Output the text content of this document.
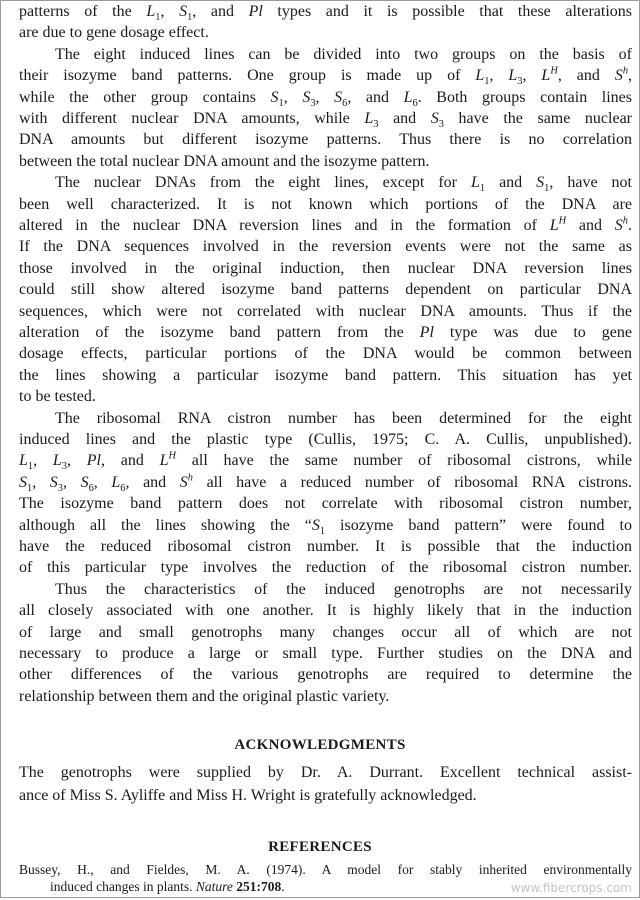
patterns of the $L_1$, $S_1$, and Pl types and it is possible that these alterations
are due to gene dosage effect.
The eight induced lines can be divided into two groups on the basis of
their isozyme band patterns. One group is made up of $L_1$, $L_3$, $L^H$, and $S^h$,
while the other group contains $S_1$, $S_3$, $S_6$, and $L_6$. Both groups contain lines
with different nuclear DNA amounts, while $L_3$ and $S_3$ have the same nuclear
DNA amounts but different isozyme patterns. Thus there is no correlation
between the total nuclear DNA amount and the isozyme pattern.
The nuclear DNAs from the eight lines, except for $L_1$ and $S_1$, have not
been well characterized. It is not known which portions of the DNA are
altered in the nuclear DNA reversion lines and in the formation of $L^H$ and $S^h$.
If the DNA sequences involved in the reversion events were not the same as
those involved in the original induction, then nuclear DNA reversion lines
could still show altered isozyme band patterns dependent on particular DNA
sequences, which were not correlated with nuclear DNA amounts. Thus if the
alteration of the isozyme band pattern from the Pl type was due to gene
dosage effects, particular portions of the DNA would be common between
the lines showing a particular isozyme band pattern. This situation has yet
to be tested.
The ribosomal RNA cistron number has been determined for the eight
induced lines and the plastic type (Cullis, 1975; C. A. Cullis, unpublished).
$L_1$, $L_3$, Pl, and $L^H$ all have the same number of ribosomal cistrons, while
$S_1$, $S_3$, $S_6$, $L_6$, and $S^h$ all have a reduced number of ribosomal RNA cistrons.
The isozyme band pattern does not correlate with ribosomal cistron number,
although all the lines showing the “$S_1$ isozyme band pattern” were found to
have the reduced ribosomal cistron number. It is possible that the induction
of this particular type involves the reduction of the ribosomal cistron number.
Thus the characteristics of the induced genotrophs are not necessarily
all closely associated with one another. It is highly likely that in the induction
of large and small genotrophs many changes occur all of which are not
necessary to produce a large or small type. Further studies on the DNA and
other differences of the various genotrophs are required to determine the
relationship between them and the original plastic variety.
ACKNOWLEDGMENTS
The genotrophs were supplied by Dr. A. Durrant. Excellent technical assist-
ance of Miss S. Ayliffe and Miss H. Wright is gratefully acknowledged.
REFERENCES
Bussey, H., and Fieldes, M. A. (1974). A model for stably inherited environmentally
induced changes in plants. Nature 251:708.	www.fibercrops.com
